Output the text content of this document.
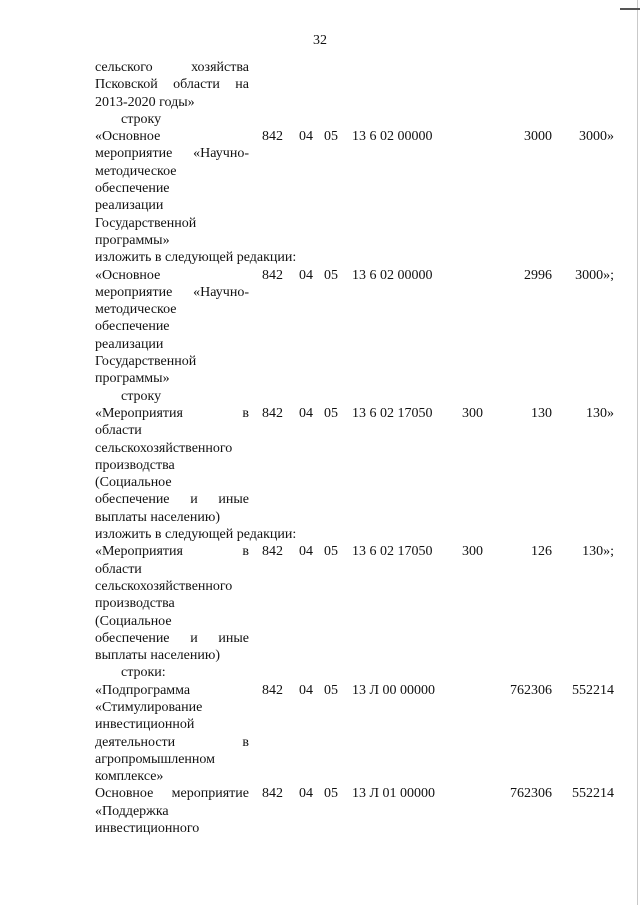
32
сельского хозяйства
Псковской области на
2013-2020 годы»
строку
«Основное
мероприятие «Научно-
методическое
обеспечение
реализации
Государственной
программы»
842 04 05 13 6 02 00000	3000 3000»
изложить в следующей редакции:
«Основное
мероприятие «Научно-
методическое
обеспечение
реализации
Государственной
программы»
842 04 05 13 6 02 00000	2996 3000»;
строку
«Мероприятия в
области
сельскохозяйственного
производства
(Социальное
обеспечение и иные
выплаты населению)
842 04 05 13 6 02 17050 300	130 130»
изложить в следующей редакции:
«Мероприятия в
области
сельскохозяйственного
производства
(Социальное
обеспечение и иные
выплаты населению)
842 04 05 13 6 02 17050 300	126 130»;
строки:
«Подпрограмма
«Стимулирование
инвестиционной
деятельности в
агропромышленном
комплексе»
842 04 05 13 Л 00 00000	762306 552214
Основное мероприятие
«Поддержка
инвестиционного
842 04 05 13 Л 01 00000	762306 552214
